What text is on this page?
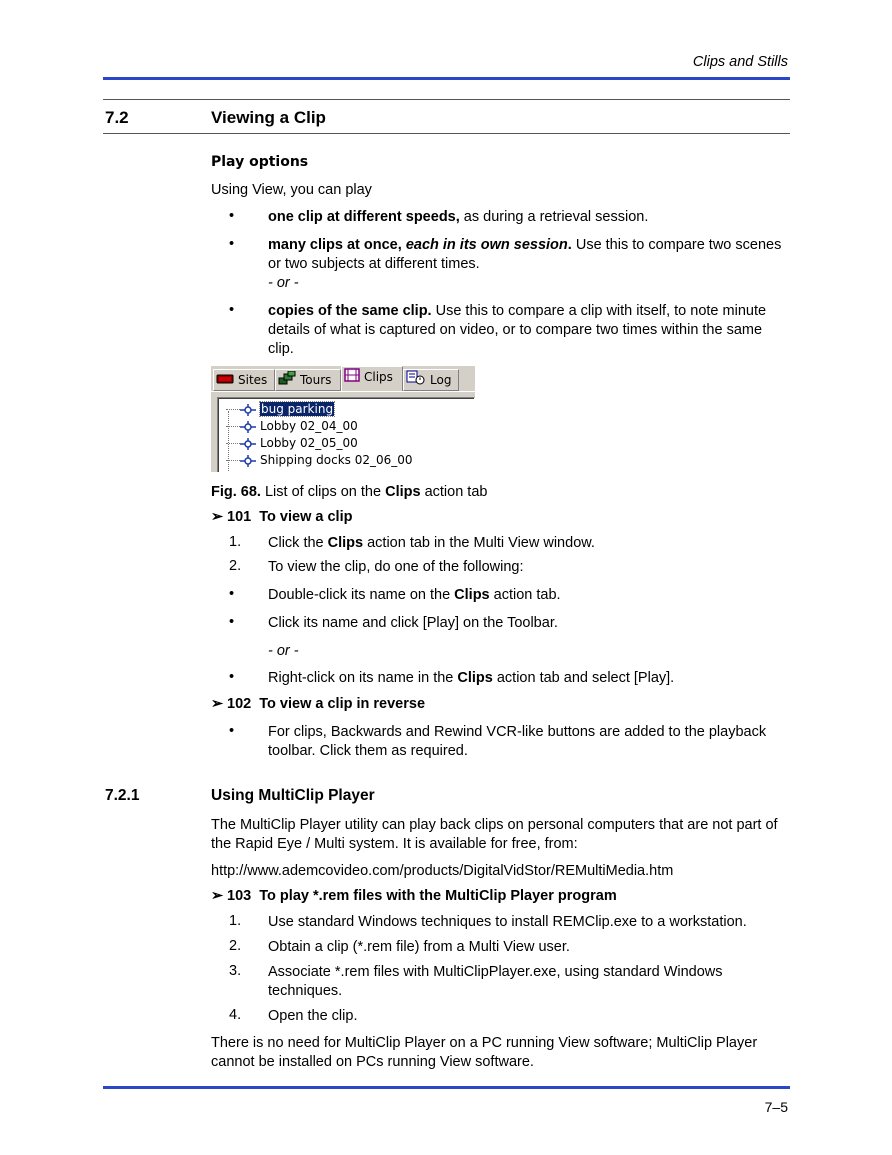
Clips and Stills
7.2	Viewing a Clip
Play options
Using View, you can play
•	one clip at different speeds, as during a retrieval session.
•	many clips at once, each in its own session. Use this to compare two scenes or two subjects at different times.
- or -
•	copies of the same clip. Use this to compare a clip with itself, to note minute details of what is captured on video, or to compare two times within the same clip.
Sites	Tours	Clips	Log
bug parking
Lobby 02_04_00
Lobby 02_05_00
Shipping docks 02_06_00
Fig. 68. List of clips on the Clips action tab
➢ 101 To view a clip
1.	Click the Clips action tab in the Multi View window.
2.	To view the clip, do one of the following:
•	Double-click its name on the Clips action tab.
•	Click its name and click [Play] on the Toolbar.
- or -
•	Right-click on its name in the Clips action tab and select [Play].
➢ 102 To view a clip in reverse
•	For clips, Backwards and Rewind VCR-like buttons are added to the playback toolbar. Click them as required.
7.2.1	Using MultiClip Player
The MultiClip Player utility can play back clips on personal computers that are not part of the Rapid Eye / Multi system. It is available for free, from:
http://www.ademcovideo.com/products/DigitalVidStor/REMultiMedia.htm
➢ 103 To play *.rem files with the MultiClip Player program
1.	Use standard Windows techniques to install REMClip.exe to a workstation.
2.	Obtain a clip (*.rem file) from a Multi View user.
3.	Associate *.rem files with MultiClipPlayer.exe, using standard Windows techniques.
4.	Open the clip.
There is no need for MultiClip Player on a PC running View software; MultiClip Player cannot be installed on PCs running View software.
7–5
